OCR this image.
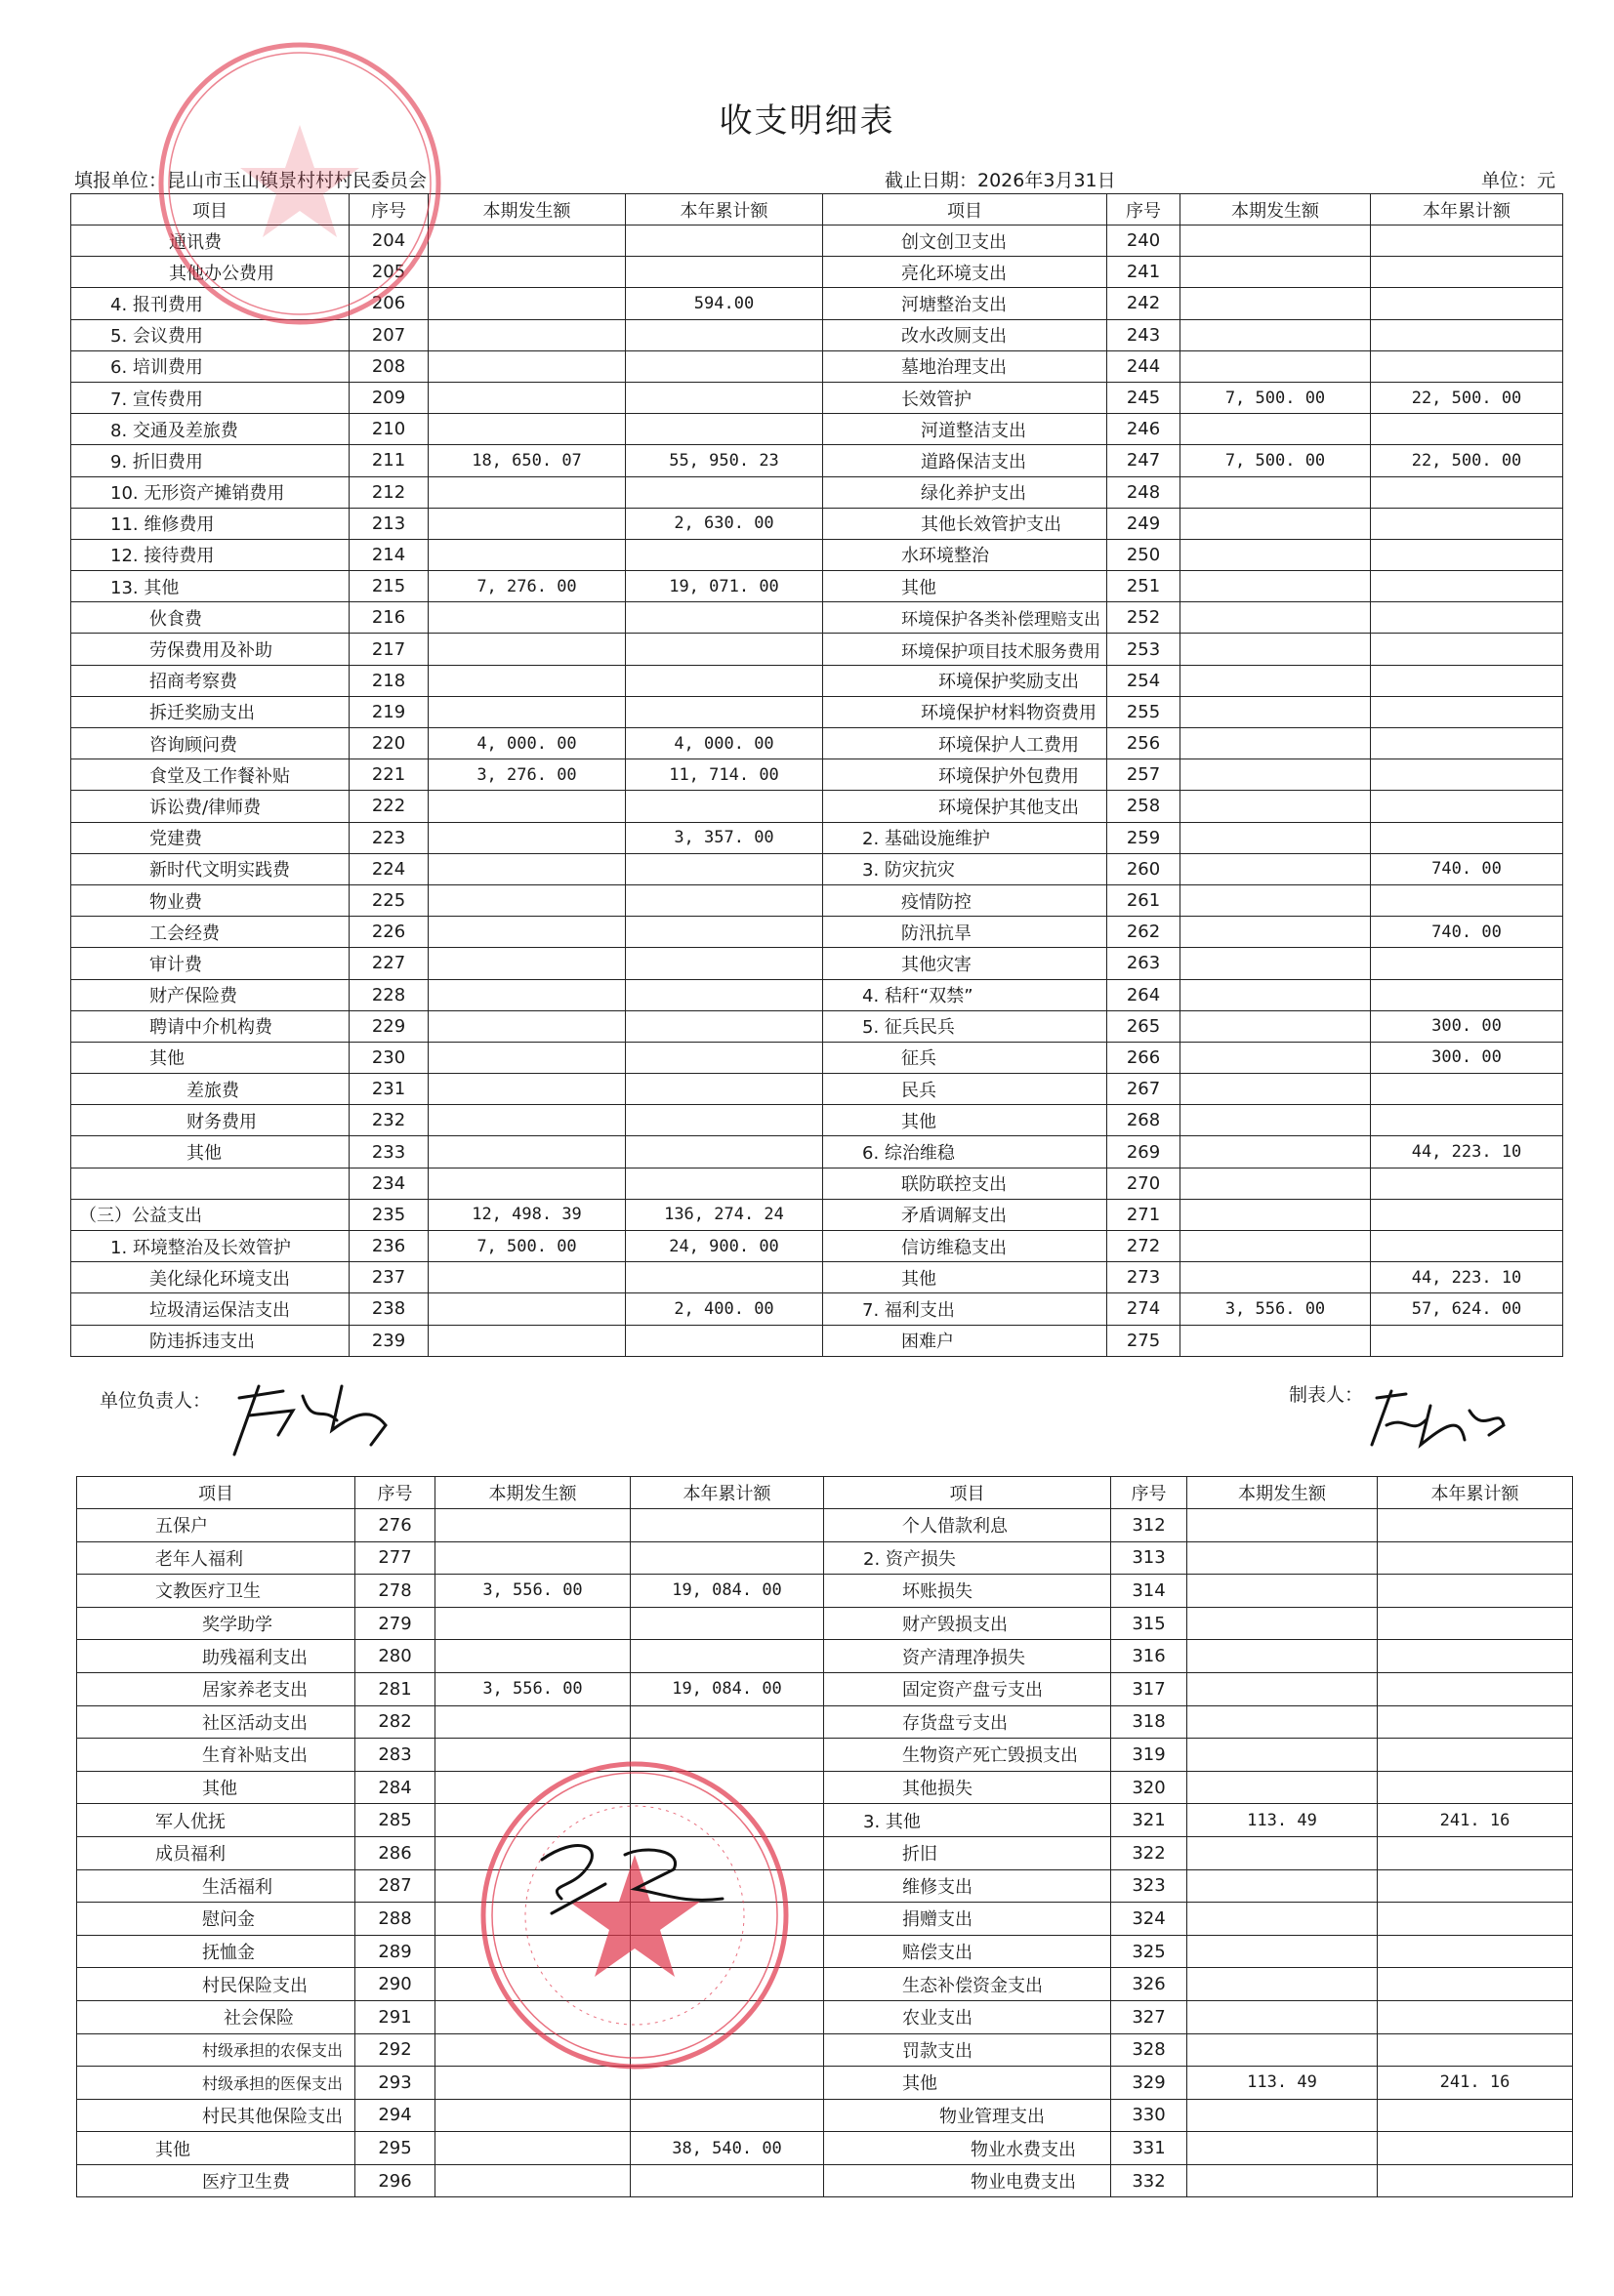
收支明细表
填报单位：昆山市玉山镇景村村村民委员会	截止日期：2026年3月31日	单位：元
项目	序号	本期发生额	本年累计额	项目	序号	本期发生额	本年累计额
通讯费	204			创文创卫支出	240		
其他办公费用	205			亮化环境支出	241		
4. 报刊费用	206		594.00	河塘整治支出	242		
5. 会议费用	207			改水改厕支出	243		
6. 培训费用	208			墓地治理支出	244		
7. 宣传费用	209			长效管护	245	7, 500. 00	22, 500. 00
8. 交通及差旅费	210			河道整洁支出	246		
9. 折旧费用	211	18, 650. 07	55, 950. 23	道路保洁支出	247	7, 500. 00	22, 500. 00
10. 无形资产摊销费用	212			绿化养护支出	248		
11. 维修费用	213		2, 630. 00	其他长效管护支出	249		
12. 接待费用	214			水环境整治	250		
13. 其他	215	7, 276. 00	19, 071. 00	其他	251		
伙食费	216			环境保护各类补偿理赔支出	252		
劳保费用及补助	217			环境保护项目技术服务费用	253		
招商考察费	218			环境保护奖励支出	254		
拆迁奖励支出	219			环境保护材料物资费用	255		
咨询顾问费	220	4, 000. 00	4, 000. 00	环境保护人工费用	256		
食堂及工作餐补贴	221	3, 276. 00	11, 714. 00	环境保护外包费用	257		
诉讼费/律师费	222			环境保护其他支出	258		
党建费	223		3, 357. 00	2. 基础设施维护	259		
新时代文明实践费	224			3. 防灾抗灾	260		740. 00
物业费	225			疫情防控	261		
工会经费	226			防汛抗旱	262		740. 00
审计费	227			其他灾害	263		
财产保险费	228			4. 秸秆“双禁”	264		
聘请中介机构费	229			5. 征兵民兵	265		300. 00
其他	230			征兵	266		300. 00
差旅费	231			民兵	267		
财务费用	232			其他	268		
其他	233			6. 综治维稳	269		44, 223. 10
	234			联防联控支出	270		
（三）公益支出	235	12, 498. 39	136, 274. 24	矛盾调解支出	271		
1. 环境整治及长效管护	236	7, 500. 00	24, 900. 00	信访维稳支出	272		
美化绿化环境支出	237			其他	273		44, 223. 10
垃圾清运保洁支出	238		2, 400. 00	7. 福利支出	274	3, 556. 00	57, 624. 00
防违拆违支出	239			困难户	275		
单位负责人：	制表人：
项目	序号	本期发生额	本年累计额	项目	序号	本期发生额	本年累计额
五保户	276			个人借款利息	312		
老年人福利	277			2. 资产损失	313		
文教医疗卫生	278	3, 556. 00	19, 084. 00	坏账损失	314		
奖学助学	279			财产毁损支出	315		
助残福利支出	280			资产清理净损失	316		
居家养老支出	281	3, 556. 00	19, 084. 00	固定资产盘亏支出	317		
社区活动支出	282			存货盘亏支出	318		
生育补贴支出	283			生物资产死亡毁损支出	319		
其他	284			其他损失	320		
军人优抚	285			3. 其他	321	113. 49	241. 16
成员福利	286			折旧	322		
生活福利	287			维修支出	323		
慰问金	288			捐赠支出	324		
抚恤金	289			赔偿支出	325		
村民保险支出	290			生态补偿资金支出	326		
社会保险	291			农业支出	327		
村级承担的农保支出	292			罚款支出	328		
村级承担的医保支出	293			其他	329	113. 49	241. 16
村民其他保险支出	294			物业管理支出	330		
其他	295		38, 540. 00	物业水费支出	331		
医疗卫生费	296			物业电费支出	332		
